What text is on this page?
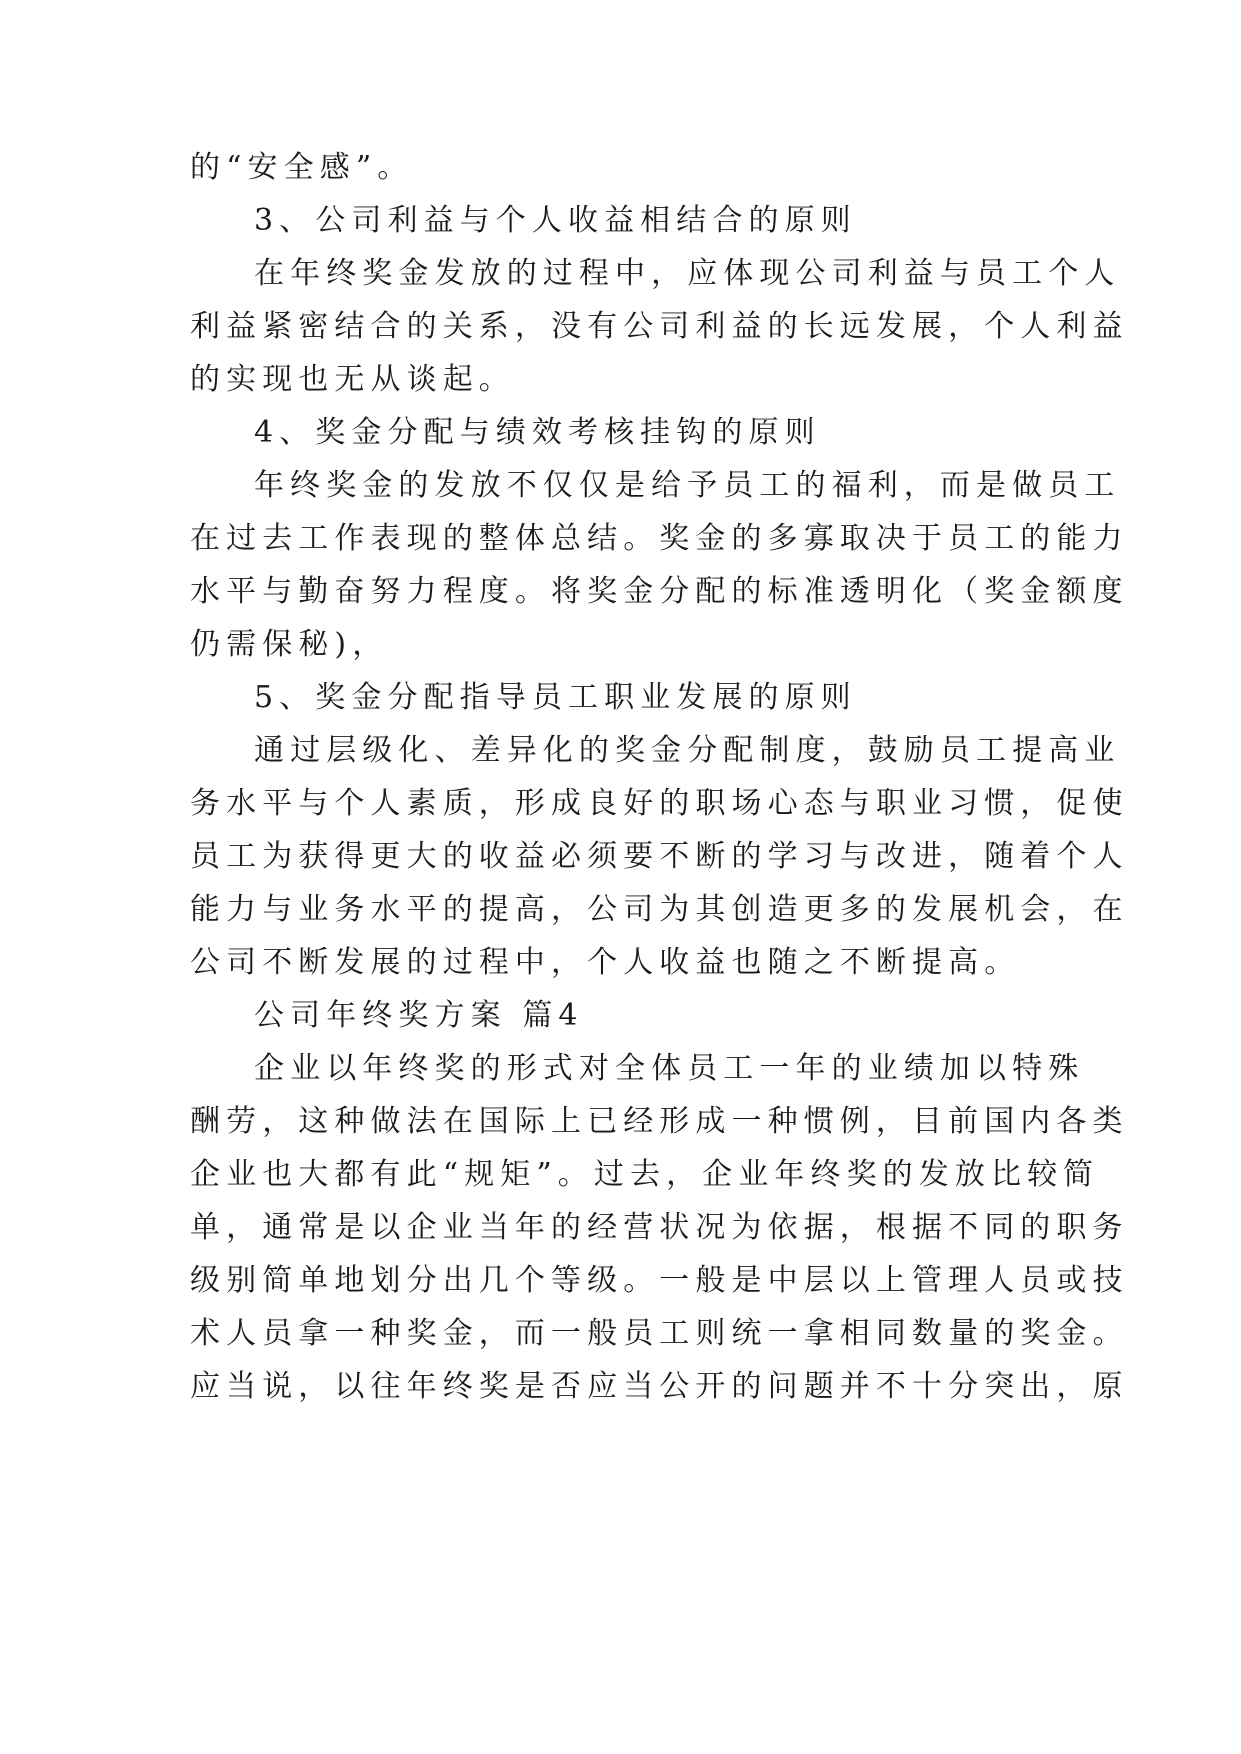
的“安全感”。
3、公司利益与个人收益相结合的原则
在年终奖金发放的过程中，应体现公司利益与员工个人
利益紧密结合的关系，没有公司利益的长远发展，个人利益
的实现也无从谈起。
4、奖金分配与绩效考核挂钩的原则
年终奖金的发放不仅仅是给予员工的福利，而是做员工
在过去工作表现的整体总结。奖金的多寡取决于员工的能力
水平与勤奋努力程度。将奖金分配的标准透明化（奖金额度
仍需保秘)，
5、奖金分配指导员工职业发展的原则
通过层级化、差异化的奖金分配制度，鼓励员工提高业
务水平与个人素质，形成良好的职场心态与职业习惯，促使
员工为获得更大的收益必须要不断的学习与改进，随着个人
能力与业务水平的提高，公司为其创造更多的发展机会，在
公司不断发展的过程中，个人收益也随之不断提高。
公司年终奖方案 篇4
企业以年终奖的形式对全体员工一年的业绩加以特殊
酬劳，这种做法在国际上已经形成一种惯例，目前国内各类
企业也大都有此“规矩”。过去，企业年终奖的发放比较简
单，通常是以企业当年的经营状况为依据，根据不同的职务
级别简单地划分出几个等级。一般是中层以上管理人员或技
术人员拿一种奖金，而一般员工则统一拿相同数量的奖金。
应当说，以往年终奖是否应当公开的问题并不十分突出，原
